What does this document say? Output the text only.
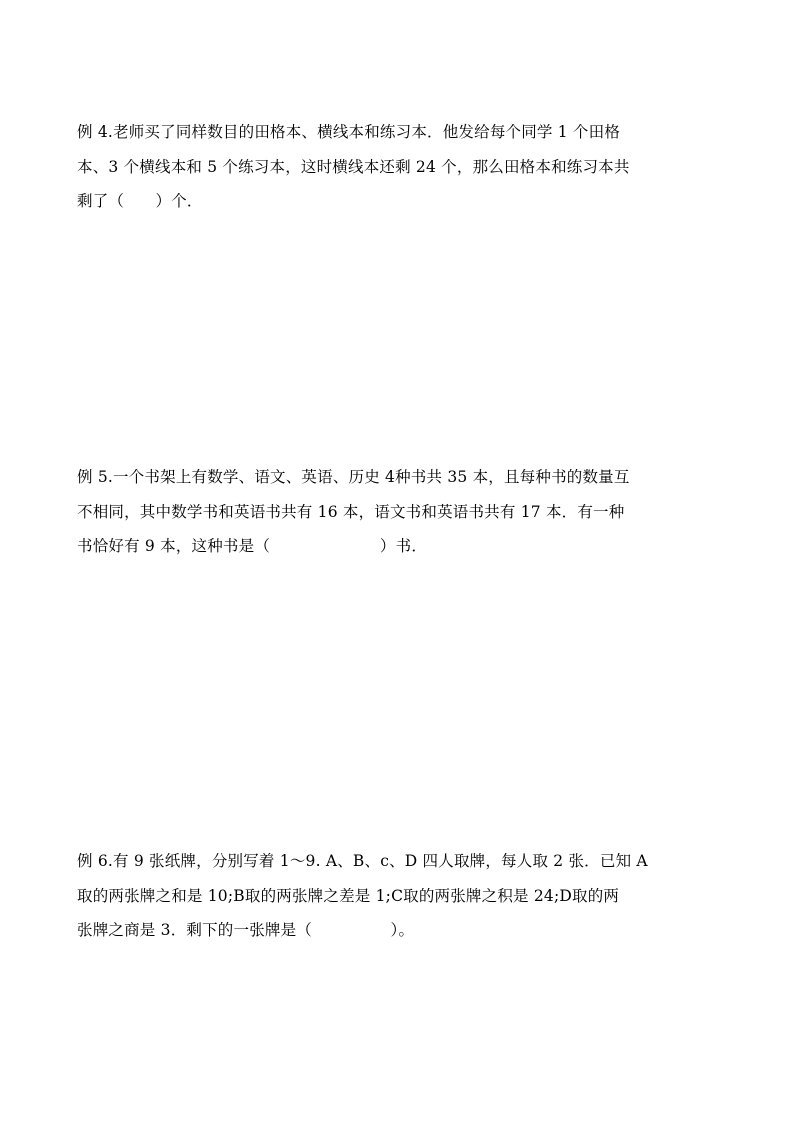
例 4.老师买了同样数目的田格本、横线本和练习本．他发给每个同学 1 个田格
本、3 个横线本和 5 个练习本，这时横线本还剩 24 个，那么田格本和练习本共
剩了（　　）个．
例 5.一个书架上有数学、语文、英语、历史 4种书共 35 本，且每种书的数量互
不相同，其中数学书和英语书共有 16 本，语文书和英语书共有 17 本．有一种
书恰好有 9 本，这种书是（　　　　　　　）书．
例 6.有 9 张纸牌，分别写着 1～9. A、B、c、D 四人取牌，每人取 2 张．已知 A
取的两张牌之和是 10;B取的两张牌之差是 1;C取的两张牌之积是 24;D取的两
张牌之商是 3．剩下的一张牌是（　　　　　）。
